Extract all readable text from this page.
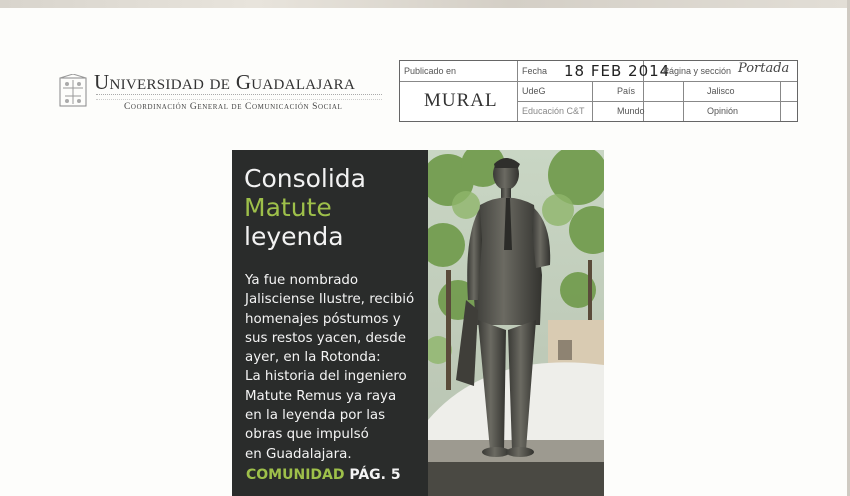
Universidad de Guadalajara
Coordinación General de Comunicación Social
Publicado en
MURAL
Fecha 18 FEB 2014
Página y sección Portada
UdeG	País	Jalisco
Educación C&T	Mundo	Opinión
Consolida
Matute
leyenda
Ya fue nombrado
Jalisciense Ilustre, recibió
homenajes póstumos y
sus restos yacen, desde
ayer, en la Rotonda:
La historia del ingeniero
Matute Remus ya raya
en la leyenda por las
obras que impulsó
en Guadalajara.
COMUNIDAD PÁG. 5
